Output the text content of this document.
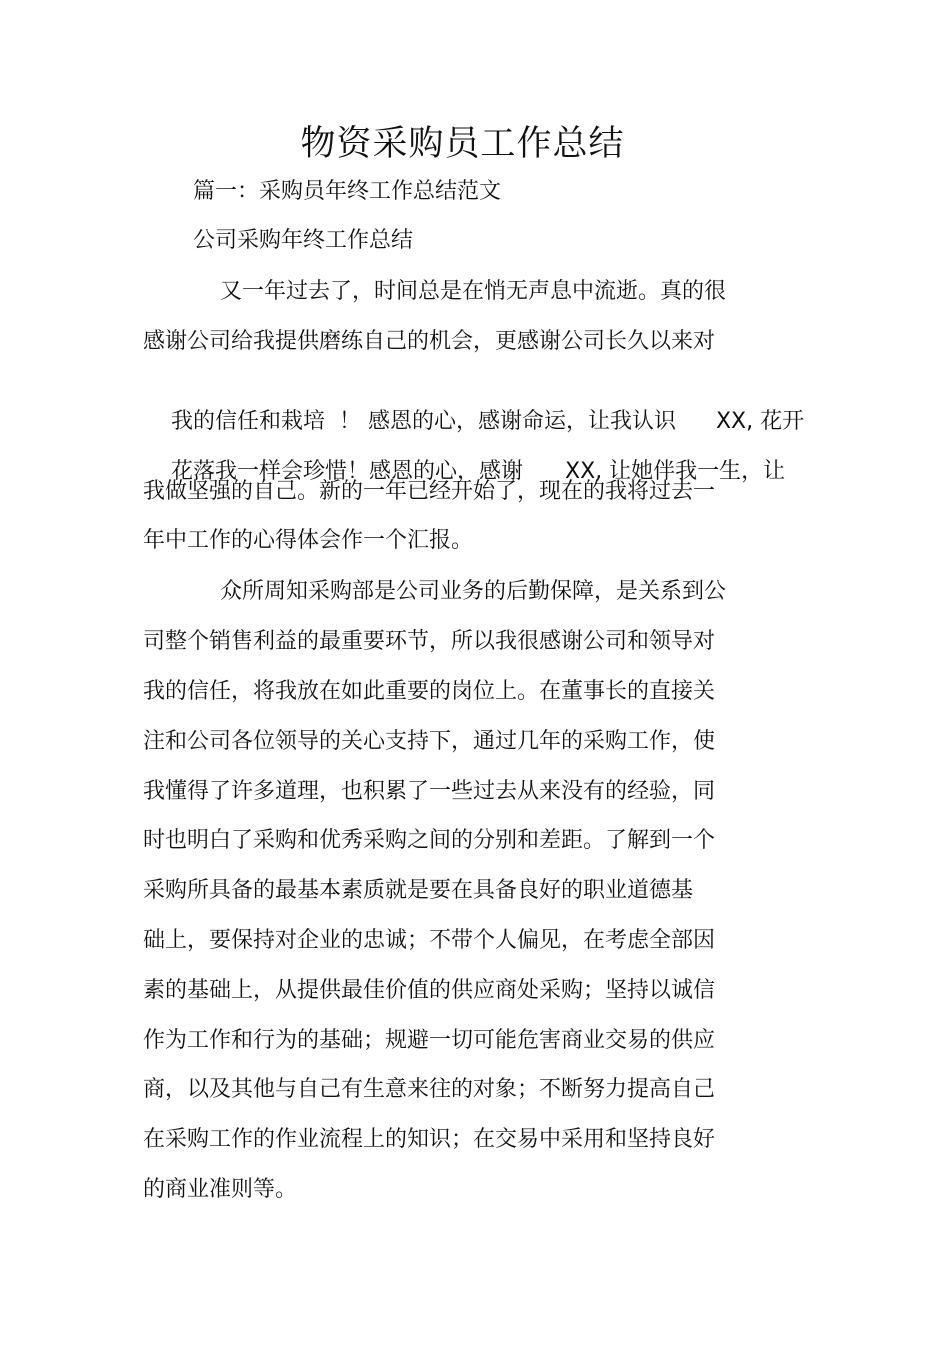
物资采购员工作总结
篇一：采购员年终工作总结范文
公司采购年终工作总结
又一年过去了，时间总是在悄无声息中流逝。真的很
感谢公司给我提供磨练自己的机会，更感谢公司长久以来对

我的信任和栽培  ！ 感恩的心，感谢命运，让我认识 XX, 花开

花落我一样会珍惜！感恩的心，感谢 XX, 让她伴我一生，让

我做坚强的自己。新的一年已经开始了，现在的我将过去一
年中工作的心得体会作一个汇报。
众所周知采购部是公司业务的后勤保障，是关系到公
司整个销售利益的最重要环节，所以我很感谢公司和领导对
我的信任，将我放在如此重要的岗位上。在董事长的直接关
注和公司各位领导的关心支持下，通过几年的采购工作，使
我懂得了许多道理，也积累了一些过去从来没有的经验，同
时也明白了采购和优秀采购之间的分别和差距。了解到一个
采购所具备的最基本素质就是要在具备良好的职业道德基
础上，要保持对企业的忠诚；不带个人偏见，在考虑全部因
素的基础上，从提供最佳价值的供应商处采购；坚持以诚信
作为工作和行为的基础；规避一切可能危害商业交易的供应
商，以及其他与自己有生意来往的对象；不断努力提高自己
在采购工作的作业流程上的知识；在交易中采用和坚持良好
的商业准则等。
